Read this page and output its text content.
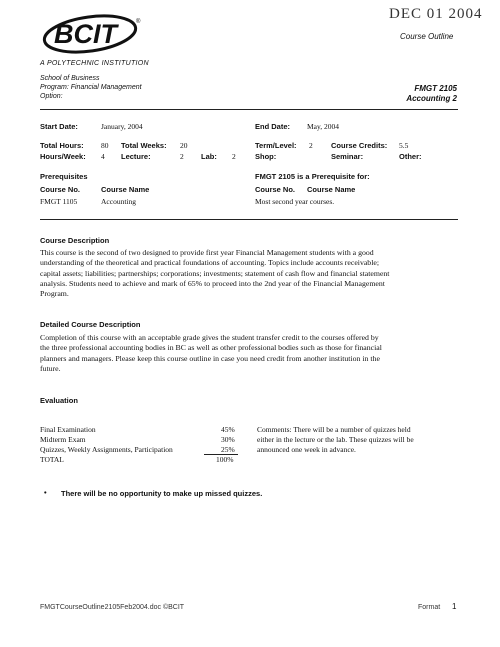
DEC 01 2004
Course Outline
BCIT	®
A POLYTECHNIC INSTITUTION
School of Business
Program: Financial Management
Option:
FMGT 2105
Accounting 2
Start Date:	January, 2004	End Date: May, 2004
Total Hours: 80 Total Weeks: 20	Term/Level: 2 Course Credits: 5.5
Hours/Week: 4 Lecture:	2 Lab: 2	Shop:	Seminar:	Other:
Prerequisites
Course No.	Course Name
FMGT 1105	Accounting
FMGT 2105 is a Prerequisite for:
Course No. Course Name
Most second year courses.
Course Description
This course is the second of two designed to provide first year Financial Management students with a good
understanding of the theoretical and practical foundations of accounting. Topics include accounts receivable;
capital assets; liabilities; partnerships; corporations; investments; statement of cash flow and financial statement
analysis. Students need to achieve and mark of 65% to proceed into the 2nd year of the Financial Management
Program.
Detailed Course Description
Completion of this course with an acceptable grade gives the student transfer credit to the courses offered by
the three professional accounting bodies in BC as well as other professional bodies such as those for financial
planners and managers. Please keep this course outline in case you need credit from another institution in the
future.
Evaluation
Final Examination	45%
Midterm Exam	30%
Quizzes, Weekly Assignments, Participation	25%
TOTAL	100%
Comments: There will be a number of quizzes held
either in the lecture or the lab. These quizzes will be
announced one week in advance.
• There will be no opportunity to make up missed quizzes.
FMGTCourseOutline2105Feb2004.doc ©BCIT	Format 1
